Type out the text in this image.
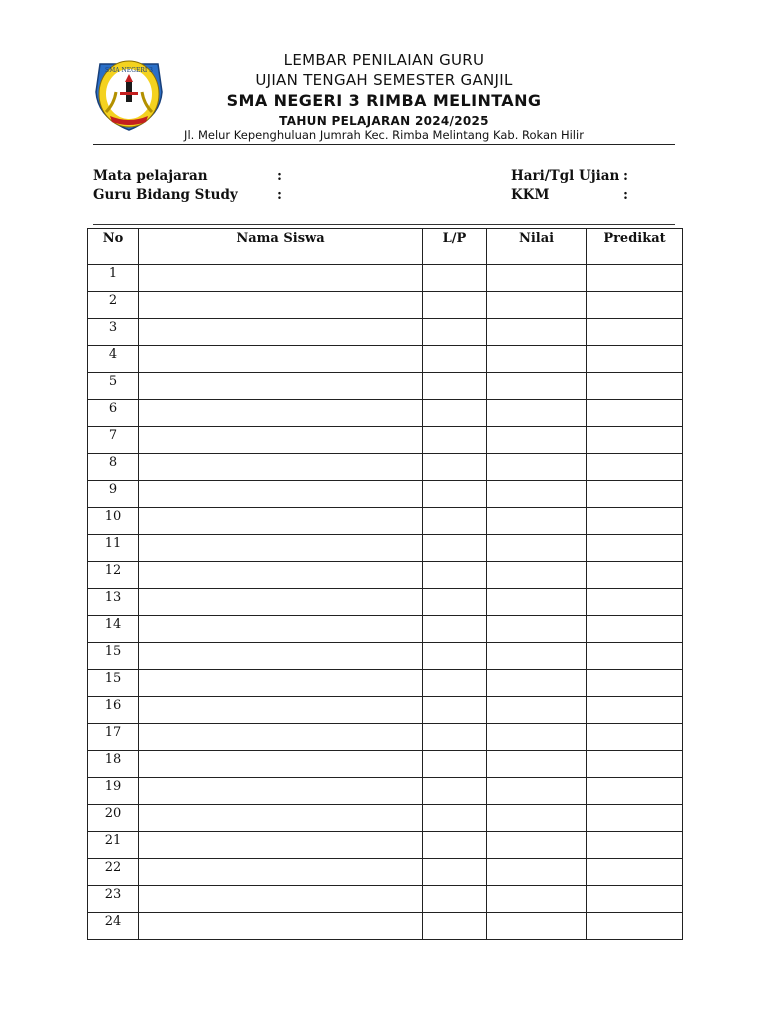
SMA NEGERI 3
LEMBAR PENILAIAN GURU
UJIAN TENGAH SEMESTER GANJIL
SMA NEGERI 3 RIMBA MELINTANG
TAHUN PELAJARAN 2024/2025
Jl. Melur Kepenghuluan Jumrah Kec. Rimba Melintang Kab. Rokan Hilir
Mata pelajaran	:
Guru Bidang Study	:
Hari/Tgl Ujian :
KKM	:
No	Nama Siswa	L/P	Nilai	Predikat
1				
2				
3				
4				
5				
6				
7				
8				
9				
10				
11				
12				
13				
14				
15				
15				
16				
17				
18				
19				
20				
21				
22				
23				
24				
